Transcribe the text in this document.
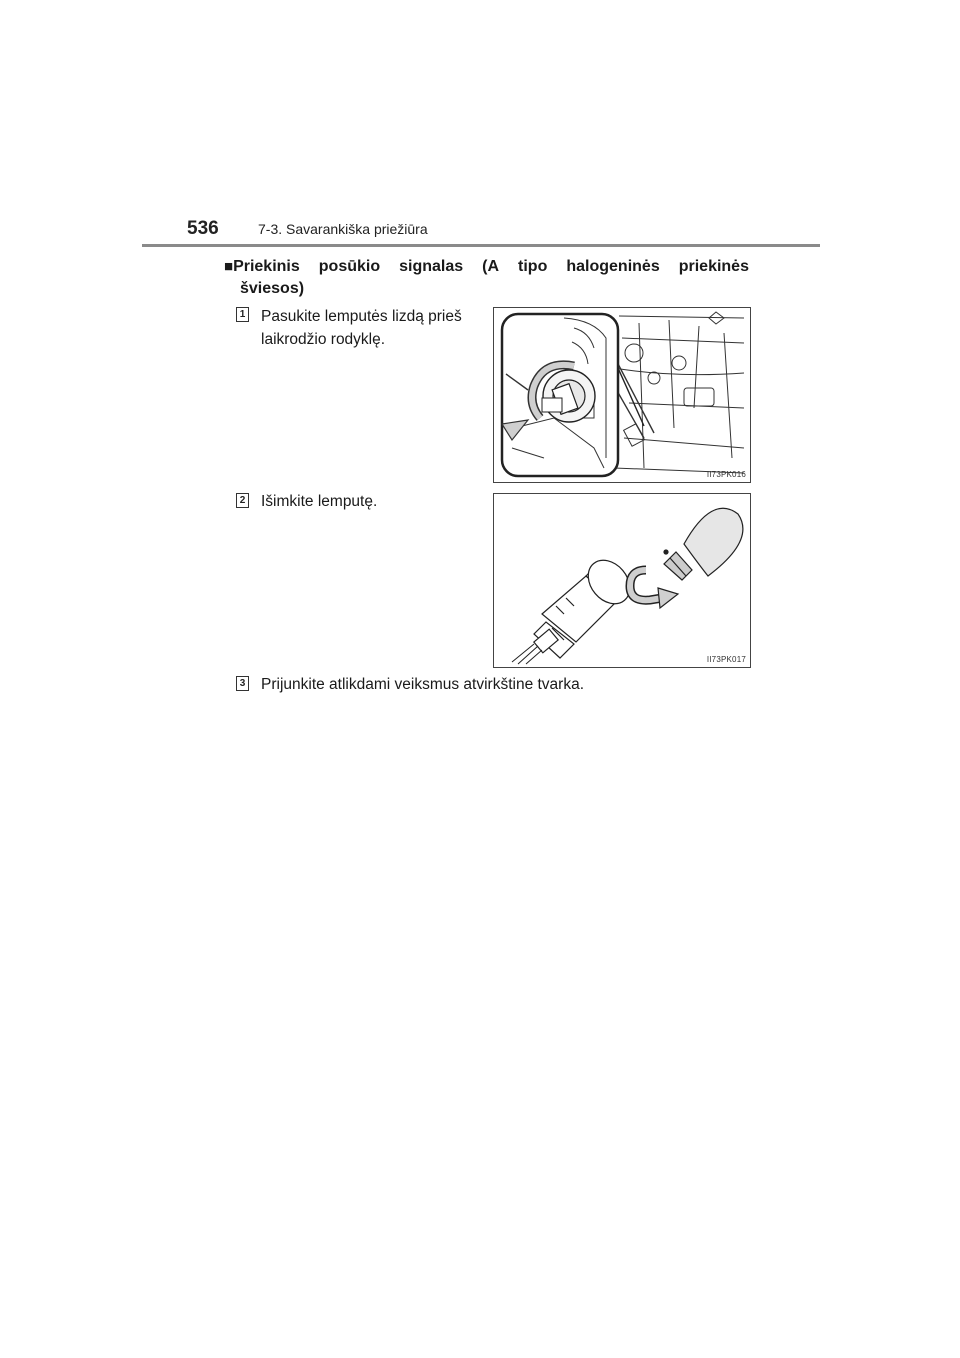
536	7-3. Savarankiška priežiūra
■Priekinis posūkio signalas (A tipo halogeninės priekinės
šviesos)
1 Pasukite lemputės lizdą prieš
laikrodžio rodyklę.
II73PK016
2 Išimkite lemputę.
II73PK017
3 Prijunkite atlikdami veiksmus atvirkštine tvarka.
